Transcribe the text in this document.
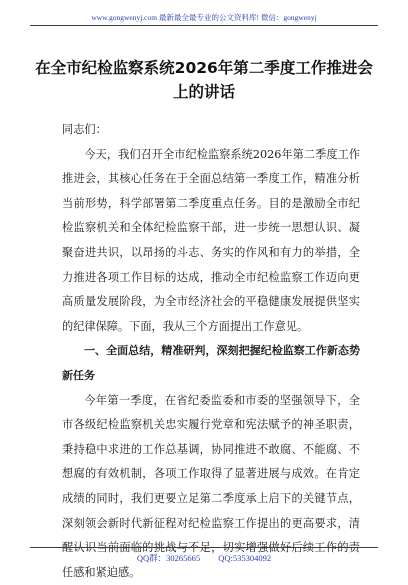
www.gongwenyj.com 最新最全最专业的公文资料库! 微信：gongwenyj
在全市纪检监察系统2026年第二季度工作推进会上的讲话

同志们：

今天，我们召开全市纪检监察系统2026年第二季度工作推进会，其核心任务在于全面总结第一季度工作，精准分析当前形势，科学部署第二季度重点任务。目的是激励全市纪检监察机关和全体纪检监察干部，进一步统一思想认识、凝聚奋进共识，以昂扬的斗志、务实的作风和有力的举措，全力推进各项工作目标的达成，推动全市纪检监察工作迈向更高质量发展阶段，为全市经济社会的平稳健康发展提供坚实的纪律保障。下面，我从三个方面提出工作意见。

一、全面总结，精准研判，深刻把握纪检监察工作新态势新任务

今年第一季度，在省纪委监委和市委的坚强领导下，全市各级纪检监察机关忠实履行党章和宪法赋予的神圣职责，秉持稳中求进的工作总基调，协同推进不敢腐、不能腐、不想腐的有效机制，各项工作取得了显著进展与成效。在肯定成绩的同时，我们更要立足第二季度承上启下的关键节点，深刻领会新时代新征程对纪检监察工作提出的更高要求，清醒认识当前面临的挑战与不足，切实增强做好后续工作的责任感和紧迫感。

QQ群：30265665 QQ:535304092
